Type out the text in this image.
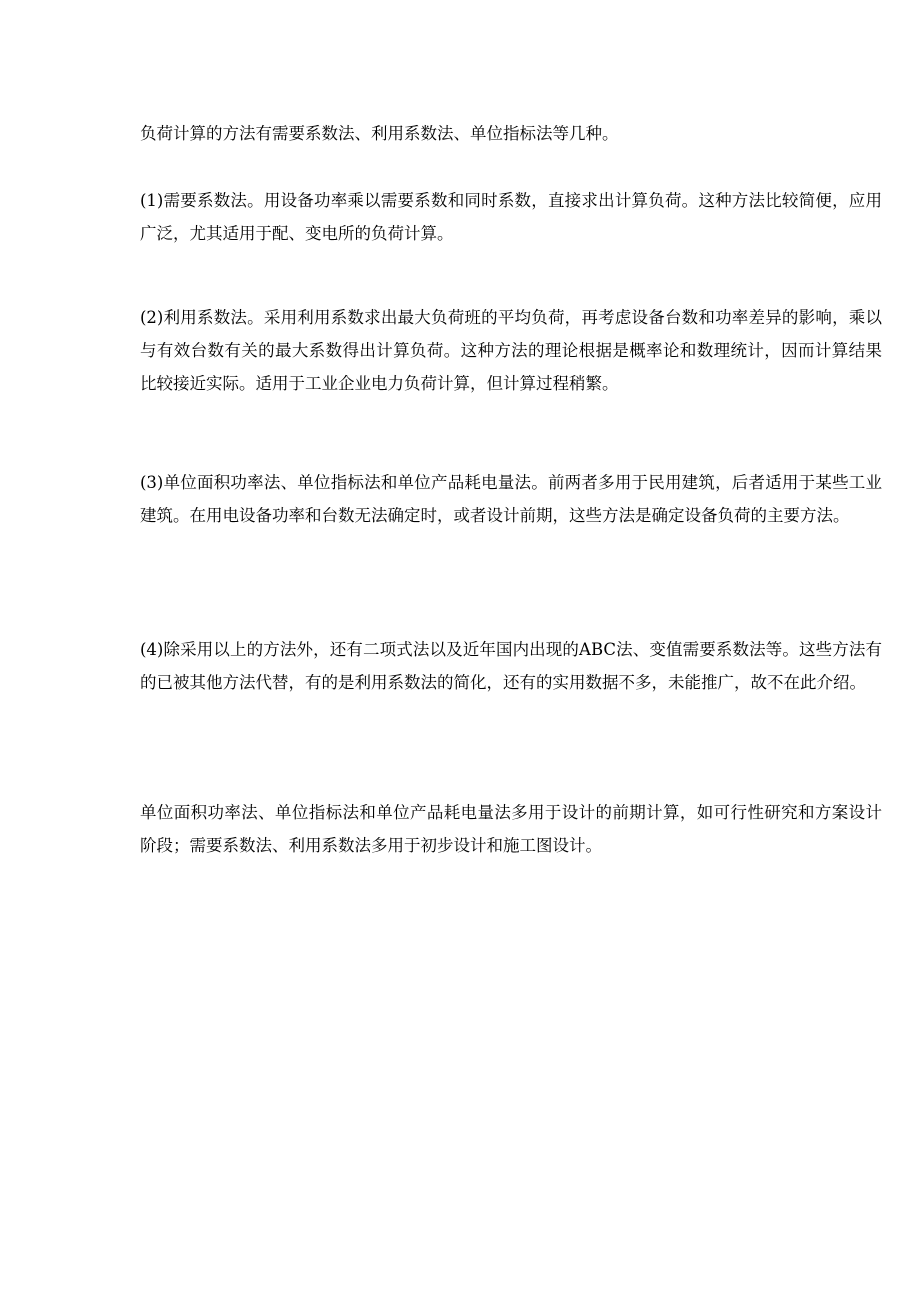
负荷计算的方法有需要系数法、利用系数法、单位指标法等几种。

(1)需要系数法。用设备功率乘以需要系数和同时系数，直接求出计算负荷。这种方法比较简便，应用广泛，尤其适用于配、变电所的负荷计算。

(2)利用系数法。采用利用系数求出最大负荷班的平均负荷，再考虑设备台数和功率差异的影响，乘以与有效台数有关的最大系数得出计算负荷。这种方法的理论根据是概率论和数理统计，因而计算结果比较接近实际。适用于工业企业电力负荷计算，但计算过程稍繁。

(3)单位面积功率法、单位指标法和单位产品耗电量法。前两者多用于民用建筑，后者适用于某些工业建筑。在用电设备功率和台数无法确定时，或者设计前期，这些方法是确定设备负荷的主要方法。

(4)除采用以上的方法外，还有二项式法以及近年国内出现的ABC法、变值需要系数法等。这些方法有的已被其他方法代替，有的是利用系数法的简化，还有的实用数据不多，未能推广，故不在此介绍。

单位面积功率法、单位指标法和单位产品耗电量法多用于设计的前期计算，如可行性研究和方案设计阶段；需要系数法、利用系数法多用于初步设计和施工图设计。
